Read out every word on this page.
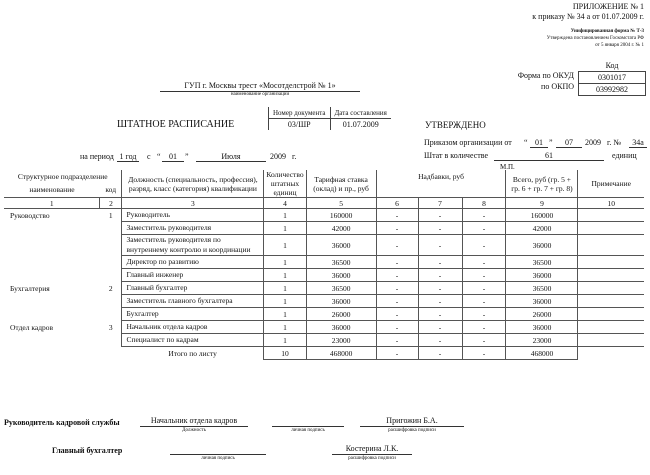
ПРИЛОЖЕНИЕ № 1
к приказу № 34 а от 01.07.2009 г.
Унифицированная форма № Т-3
Утверждена постановлением Госкомстата РФ
от 5 января 2004 г. № 1
Форма по ОКУД
по ОКПО
Код
0301017
03992982
ГУП г. Москвы трест «Мосотделстрой № 1»
наименование организации
ШТАТНОЕ РАСПИСАНИЕ
Номер документа	Дата составления
03/ШР	01.07.2009	УТВЕРЖДЕНО
Приказом организации от “ 01 ”	07	2009 г. №	34а
на период 1 год	с “	01	”	Июля	2009 г.	Штат в количестве	61	единиц
М.П.
Структурное подразделение		Должность (специальность, профессия), разряд, класс (категория) квалификации	Количество штатных единиц	Тарифная ставка (оклад) и пр., руб	Надбавки, руб			Всего, руб (гр. 5 + гр. 6 + гр. 7 + гр. 8)	Примечание
наименование	код								
1	2	3	4	5	6	7	8	9	10
Руководство	1	Руководитель	1	160000	-	-	-	160000	
		Заместитель руководителя	1	42000	-	-	-	42000	
		Заместитель руководителя по внутреннему контролю и координации	1	36000	-	-	-	36000	
		Директор по развитию	1	36500	-	-	-	36500	
		Главный инженер	1	36000	-	-	-	36000	
Бухгалтерия	2	Главный бухгалтер	1	36500	-	-	-	36500	
		Заместитель главного бухгалтера	1	36000	-	-	-	36000	
		Бухгалтер	1	26000	-	-	-	26000	
Отдел кадров	3	Начальник отдела кадров	1	36000	-	-	-	36000	
		Специалист по кадрам	1	23000	-	-	-	23000	
		Итого по листу	10	468000	-	-	-	468000	
Руководитель кадровой службы	Начальник отдела кадров
Должность	личная подпись
Пригожин Б.А.
расшифровка подписи
Главный бухгалтер
личная подпись
Костерина Л.К.
расшифровка подписи
